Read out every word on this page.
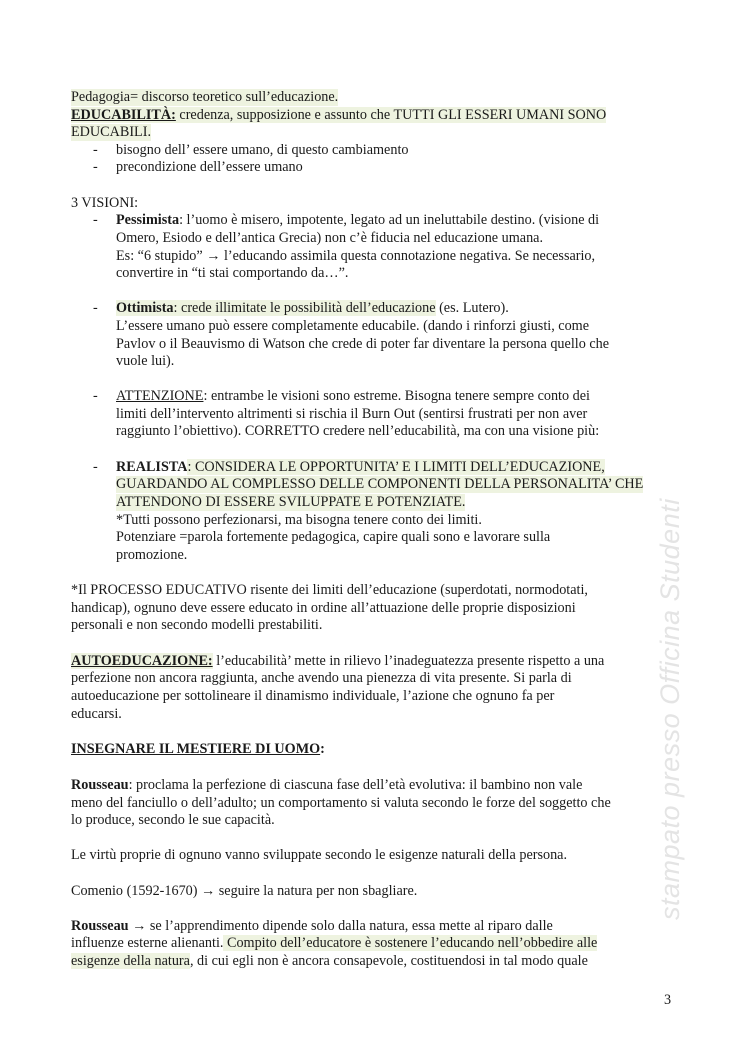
stampato presso Officina Studenti
Pedagogia= discorso teoretico sull’educazione.
EDUCABILITÀ: credenza, supposizione e assunto che TUTTI GLI ESSERI UMANI SONO
EDUCABILI.
- bisogno dell’ essere umano, di questo cambiamento
- precondizione dell’essere umano
3 VISIONI:
- Pessimista: l’uomo è misero, impotente, legato ad un ineluttabile destino. (visione di
Omero, Esiodo e dell’antica Grecia) non c’è fiducia nel educazione umana.
Es: “6 stupido” → l’educando assimila questa connotazione negativa. Se necessario,
convertire in “ti stai comportando da…”.
- Ottimista: crede illimitate le possibilità dell’educazione (es. Lutero).
L’essere umano può essere completamente educabile. (dando i rinforzi giusti, come
Pavlov o il Beauvismo di Watson che crede di poter far diventare la persona quello che
vuole lui).
- ATTENZIONE: entrambe le visioni sono estreme. Bisogna tenere sempre conto dei
limiti dell’intervento altrimenti si rischia il Burn Out (sentirsi frustrati per non aver
raggiunto l’obiettivo). CORRETTO credere nell’educabilità, ma con una visione più:
- REALISTA: CONSIDERA LE OPPORTUNITA’ E I LIMITI DELL’EDUCAZIONE,
GUARDANDO AL COMPLESSO DELLE COMPONENTI DELLA PERSONALITA’ CHE
ATTENDONO DI ESSERE SVILUPPATE E POTENZIATE.
*Tutti possono perfezionarsi, ma bisogna tenere conto dei limiti.
Potenziare =parola fortemente pedagogica, capire quali sono e lavorare sulla
promozione.
*Il PROCESSO EDUCATIVO risente dei limiti dell’educazione (superdotati, normodotati,
handicap), ognuno deve essere educato in ordine all’attuazione delle proprie disposizioni
personali e non secondo modelli prestabiliti.
AUTOEDUCAZIONE: l’educabilità’ mette in rilievo l’inadeguatezza presente rispetto a una
perfezione non ancora raggiunta, anche avendo una pienezza di vita presente. Si parla di
autoeducazione per sottolineare il dinamismo individuale, l’azione che ognuno fa per
educarsi.
INSEGNARE IL MESTIERE DI UOMO:
Rousseau: proclama la perfezione di ciascuna fase dell’età evolutiva: il bambino non vale
meno del fanciullo o dell’adulto; un comportamento si valuta secondo le forze del soggetto che
lo produce, secondo le sue capacità.
Le virtù proprie di ognuno vanno sviluppate secondo le esigenze naturali della persona.
Comenio (1592-1670) → seguire la natura per non sbagliare.
Rousseau → se l’apprendimento dipende solo dalla natura, essa mette al riparo dalle
influenze esterne alienanti. Compito dell’educatore è sostenere l’educando nell’obbedire alle
esigenze della natura, di cui egli non è ancora consapevole, costituendosi in tal modo quale
3
